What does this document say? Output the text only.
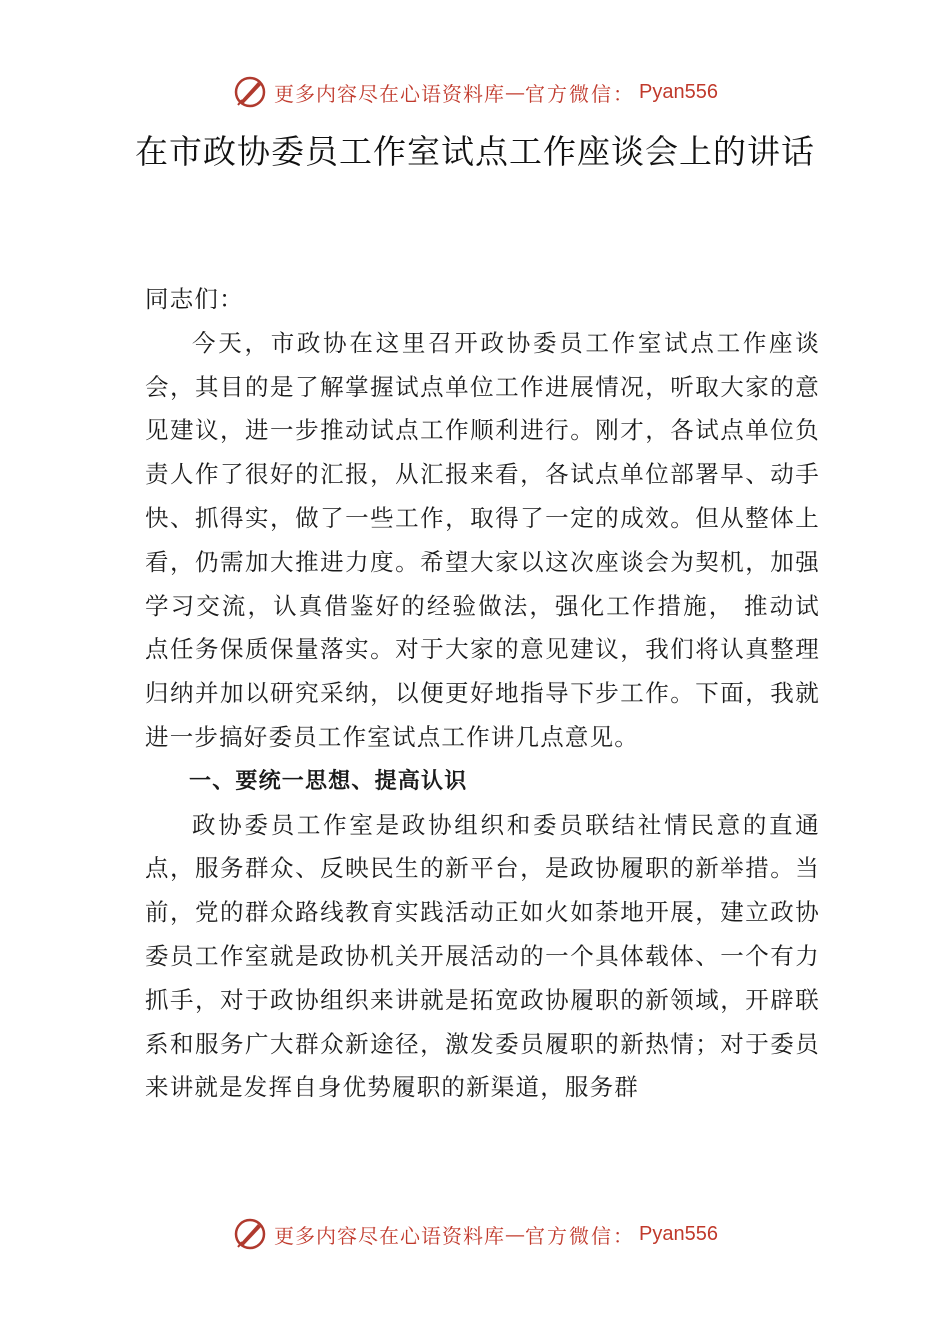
更多内容尽在心语资料库 — 官方微信： Pyan556
在市政协委员工作室试点工作座谈会上的讲话

同志们：

今天，市政协在这里召开政协委员工作室试点工作座谈会，其目的是了解掌握试点单位工作进展情况，听取大家的意见建议，进一步推动试点工作顺利进行。刚才，各试点单位负责人作了很好的汇报，从汇报来看，各试点单位部署早、动手快、抓得实，做了一些工作，取得了一定的成效。但从整体上看，仍需加大推进力度。希望大家以这次座谈会为契机，加强学习交流，认真借鉴好的经验做法，强化工作措施， 推动试点任务保质保量落实。对于大家的意见建议，我们将认真整理归纳并加以研究采纳，以便更好地指导下步工作。下面，我就进一步搞好委员工作室试点工作讲几点意见。

一、要统一思想、提高认识

政协委员工作室是政协组织和委员联结社情民意的直通点，服务群众、反映民生的新平台，是政协履职的新举措。当前，党的群众路线教育实践活动正如火如荼地开展，建立政协委员工作室就是政协机关开展活动的一个具体载体、一个有力抓手，对于政协组织来讲就是拓宽政协履职的新领域，开辟联系和服务广大群众新途径，激发委员履职的新热情；对于委员来讲就是发挥自身优势履职的新渠道，服务群

更多内容尽在心语资料库 — 官方微信： Pyan556
